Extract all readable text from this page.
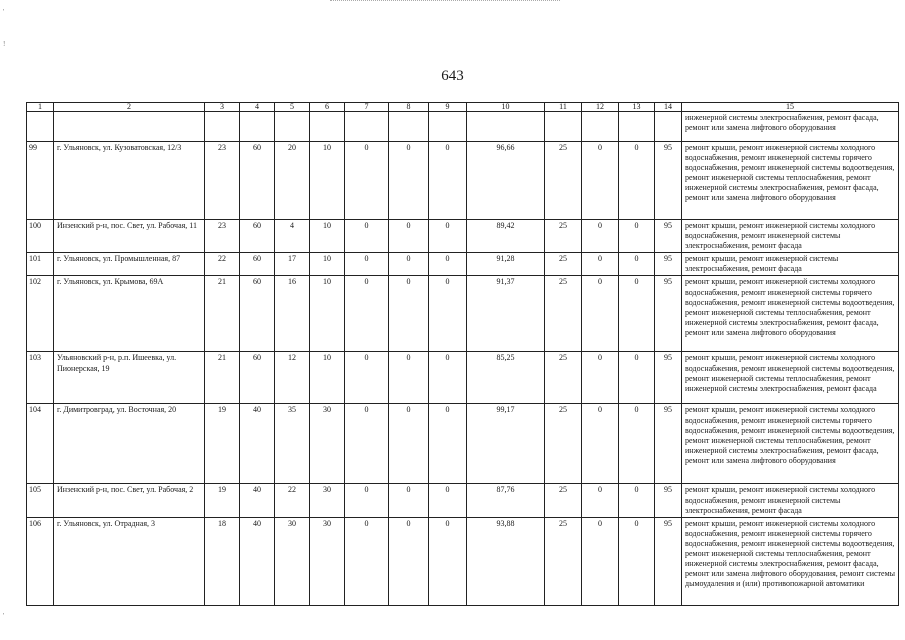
'
!
'
643
1	2	3	4	5	6	7	8	9	10	11	12	13	14	15
														инженерной системы электроснабжения, ремонт фасада, ремонт или замена лифтового оборудования
99	г. Ульяновск, ул. Кузоватовская, 12/3	23	60	20	10	0	0	0	96,66	25	0	0	95	ремонт крыши, ремонт инженерной системы холодного водоснабжения, ремонт инженерной системы горячего водоснабжения, ремонт инженерной системы водоотведения, ремонт инженерной системы теплоснабжения, ремонт инженерной системы электроснабжения, ремонт фасада, ремонт или замена лифтового оборудования
100	Инзенский р-н, пос. Свет, ул. Рабочая, 11	23	60	4	10	0	0	0	89,42	25	0	0	95	ремонт крыши, ремонт инженерной системы холодного водоснабжения, ремонт инженерной системы электроснабжения, ремонт фасада
101	г. Ульяновск, ул. Промышленная, 87	22	60	17	10	0	0	0	91,28	25	0	0	95	ремонт крыши, ремонт инженерной системы электроснабжения, ремонт фасада
102	г. Ульяновск, ул. Крымова, 69А	21	60	16	10	0	0	0	91,37	25	0	0	95	ремонт крыши, ремонт инженерной системы холодного водоснабжения, ремонт инженерной системы горячего водоснабжения, ремонт инженерной системы водоотведения, ремонт инженерной системы теплоснабжения, ремонт инженерной системы электроснабжения, ремонт фасада, ремонт или замена лифтового оборудования
103	Ульяновский р-н, р.п. Ишеевка, ул. Пионерская, 19	21	60	12	10	0	0	0	85,25	25	0	0	95	ремонт крыши, ремонт инженерной системы холодного водоснабжения, ремонт инженерной системы водоотведения, ремонт инженерной системы теплоснабжения, ремонт инженерной системы электроснабжения, ремонт фасада
104	г. Димитровград, ул. Восточная, 20	19	40	35	30	0	0	0	99,17	25	0	0	95	ремонт крыши, ремонт инженерной системы холодного водоснабжения, ремонт инженерной системы горячего водоснабжения, ремонт инженерной системы водоотведения, ремонт инженерной системы теплоснабжения, ремонт инженерной системы электроснабжения, ремонт фасада, ремонт или замена лифтового оборудования
105	Инзенский р-н, пос. Свет, ул. Рабочая, 2	19	40	22	30	0	0	0	87,76	25	0	0	95	ремонт крыши, ремонт инженерной системы холодного водоснабжения, ремонт инженерной системы электроснабжения, ремонт фасада
106	г. Ульяновск, ул. Отрадная, 3	18	40	30	30	0	0	0	93,88	25	0	0	95	ремонт крыши, ремонт инженерной системы холодного водоснабжения, ремонт инженерной системы горячего водоснабжения, ремонт инженерной системы водоотведения, ремонт инженерной системы теплоснабжения, ремонт инженерной системы электроснабжения, ремонт фасада, ремонт или замена лифтового оборудования, ремонт системы дымоудаления и (или) противопожарной автоматики
